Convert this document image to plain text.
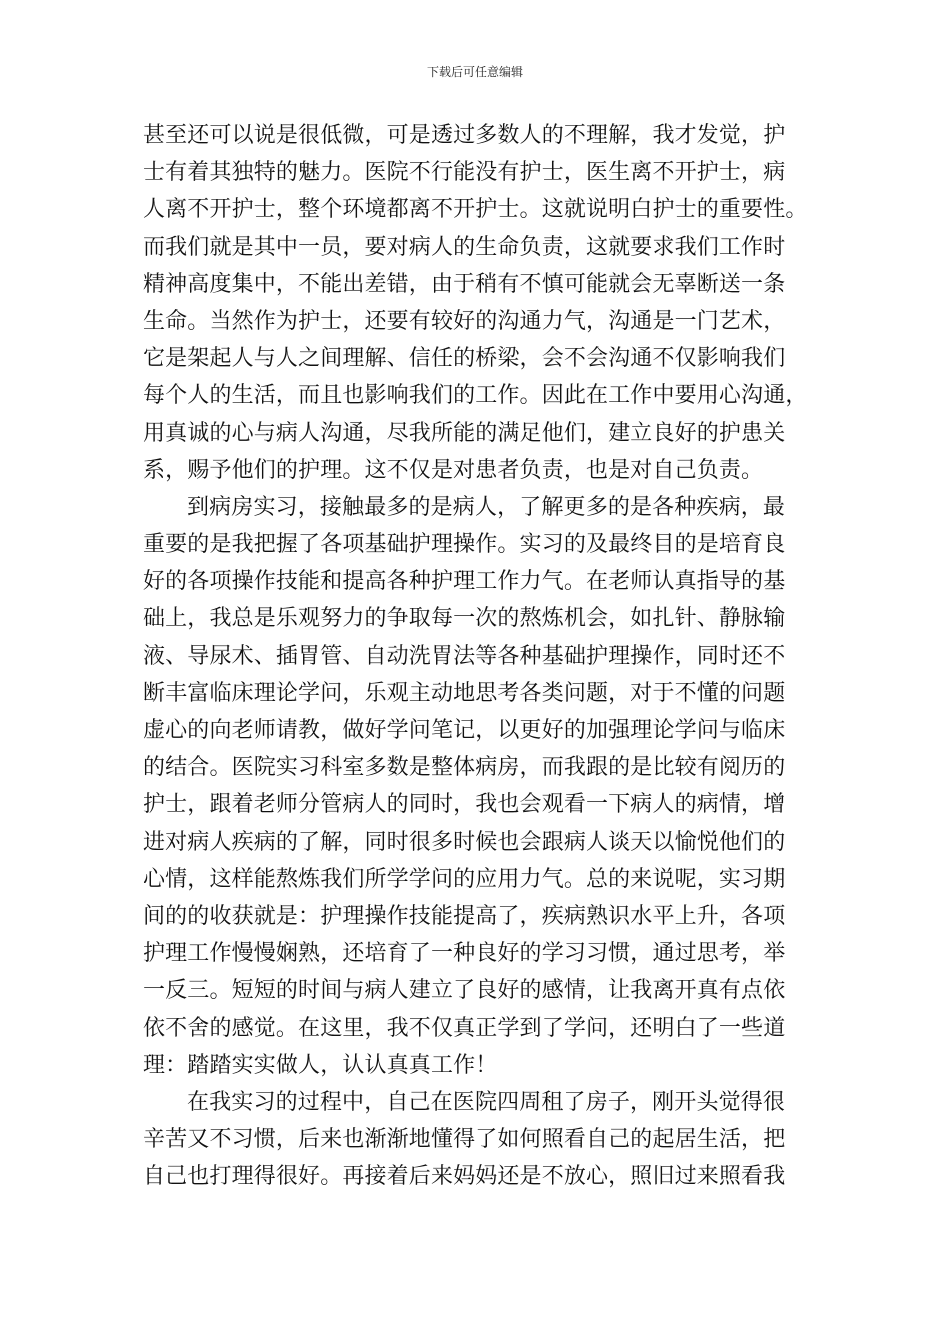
下载后可任意编辑
甚至还可以说是很低微，可是透过多数人的不理解，我才发觉，护
士有着其独特的魅力。医院不行能没有护士，医生离不开护士，病
人离不开护士，整个环境都离不开护士。这就说明白护士的重要性。
而我们就是其中一员，要对病人的生命负责，这就要求我们工作时
精神高度集中，不能出差错，由于稍有不慎可能就会无辜断送一条
生命。当然作为护士，还要有较好的沟通力气，沟通是一门艺术，
它是架起人与人之间理解、信任的桥梁，会不会沟通不仅影响我们
每个人的生活，而且也影响我们的工作。因此在工作中要用心沟通，
用真诚的心与病人沟通，尽我所能的满足他们，建立良好的护患关
系，赐予他们的护理。这不仅是对患者负责，也是对自己负责。
到病房实习，接触最多的是病人，了解更多的是各种疾病，最
重要的是我把握了各项基础护理操作。实习的及最终目的是培育良
好的各项操作技能和提高各种护理工作力气。在老师认真指导的基
础上，我总是乐观努力的争取每一次的熬炼机会，如扎针、静脉输
液、导尿术、插胃管、自动洗胃法等各种基础护理操作，同时还不
断丰富临床理论学问，乐观主动地思考各类问题，对于不懂的问题
虚心的向老师请教，做好学问笔记，以更好的加强理论学问与临床
的结合。医院实习科室多数是整体病房，而我跟的是比较有阅历的
护士，跟着老师分管病人的同时，我也会观看一下病人的病情，增
进对病人疾病的了解，同时很多时候也会跟病人谈天以愉悦他们的
心情，这样能熬炼我们所学学问的应用力气。总的来说呢，实习期
间的的收获就是：护理操作技能提高了，疾病熟识水平上升，各项
护理工作慢慢娴熟，还培育了一种良好的学习习惯，通过思考，举
一反三。短短的时间与病人建立了良好的感情，让我离开真有点依
依不舍的感觉。在这里，我不仅真正学到了学问，还明白了一些道
理：踏踏实实做人，认认真真工作！
在我实习的过程中，自己在医院四周租了房子，刚开头觉得很
辛苦又不习惯，后来也渐渐地懂得了如何照看自己的起居生活，把
自己也打理得很好。再接着后来妈妈还是不放心，照旧过来照看我
